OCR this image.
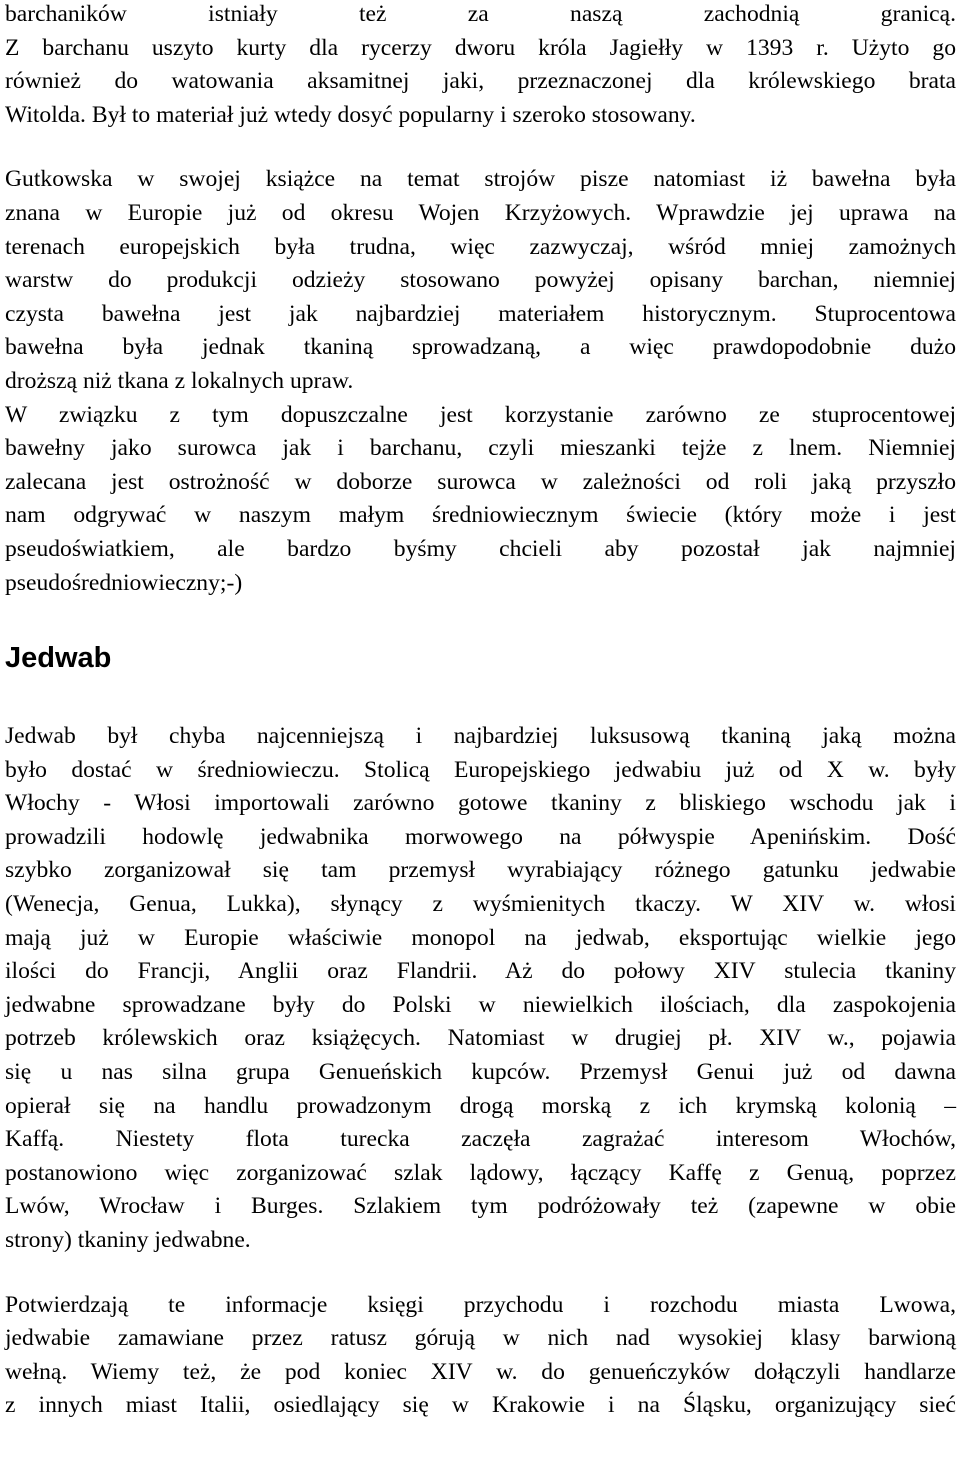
barchaników istniały też za naszą zachodnią granicą.
Z barchanu uszyto kurty dla rycerzy dworu króla Jagiełły w 1393 r. Użyto go
również do watowania aksamitnej jaki, przeznaczonej dla królewskiego brata
Witolda. Był to materiał już wtedy dosyć popularny i szeroko stosowany.

Gutkowska w swojej książce na temat strojów pisze natomiast iż bawełna była
znana w Europie już od okresu Wojen Krzyżowych. Wprawdzie jej uprawa na
terenach europejskich była trudna, więc zazwyczaj, wśród mniej zamożnych
warstw do produkcji odzieży stosowano powyżej opisany barchan, niemniej
czysta bawełna jest jak najbardziej materiałem historycznym. Stuprocentowa
bawełna była jednak tkaniną sprowadzaną, a więc prawdopodobnie dużo
droższą niż tkana z lokalnych upraw.
W związku z tym dopuszczalne jest korzystanie zarówno ze stuprocentowej
bawełny jako surowca jak i barchanu, czyli mieszanki tejże z lnem. Niemniej
zalecana jest ostrożność w doborze surowca w zależności od roli jaką przyszło
nam odgrywać w naszym małym średniowiecznym świecie (który może i jest
pseudoświatkiem, ale bardzo byśmy chcieli aby pozostał jak najmniej
pseudośredniowieczny;-)

Jedwab

Jedwab był chyba najcenniejszą i najbardziej luksusową tkaniną jaką można
było dostać w średniowieczu. Stolicą Europejskiego jedwabiu już od X w. były
Włochy - Włosi importowali zarówno gotowe tkaniny z bliskiego wschodu jak i
prowadzili hodowlę jedwabnika morwowego na półwyspie Apenińskim. Dość
szybko zorganizował się tam przemysł wyrabiający różnego gatunku jedwabie
(Wenecja, Genua, Lukka), słynący z wyśmienitych tkaczy. W XIV w. włosi
mają już w Europie właściwie monopol na jedwab, eksportując wielkie jego
ilości do Francji, Anglii oraz Flandrii. Aż do połowy XIV stulecia tkaniny
jedwabne sprowadzane były do Polski w niewielkich ilościach, dla zaspokojenia
potrzeb królewskich oraz książęcych. Natomiast w drugiej pł. XIV w., pojawia
się u nas silna grupa Genueńskich kupców. Przemysł Genui już od dawna
opierał się na handlu prowadzonym drogą morską z ich krymską kolonią –
Kaffą. Niestety flota turecka zaczęła zagrażać interesom Włochów,
postanowiono więc zorganizować szlak lądowy, łączący Kaffę z Genuą, poprzez
Lwów, Wrocław i Burges. Szlakiem tym podróżowały też (zapewne w obie
strony) tkaniny jedwabne.

Potwierdzają te informacje księgi przychodu i rozchodu miasta Lwowa,
jedwabie zamawiane przez ratusz górują w nich nad wysokiej klasy barwioną
wełną. Wiemy też, że pod koniec XIV w. do genueńczyków dołączyli handlarze
z innych miast Italii, osiedlający się w Krakowie i na Śląsku, organizujący sieć
